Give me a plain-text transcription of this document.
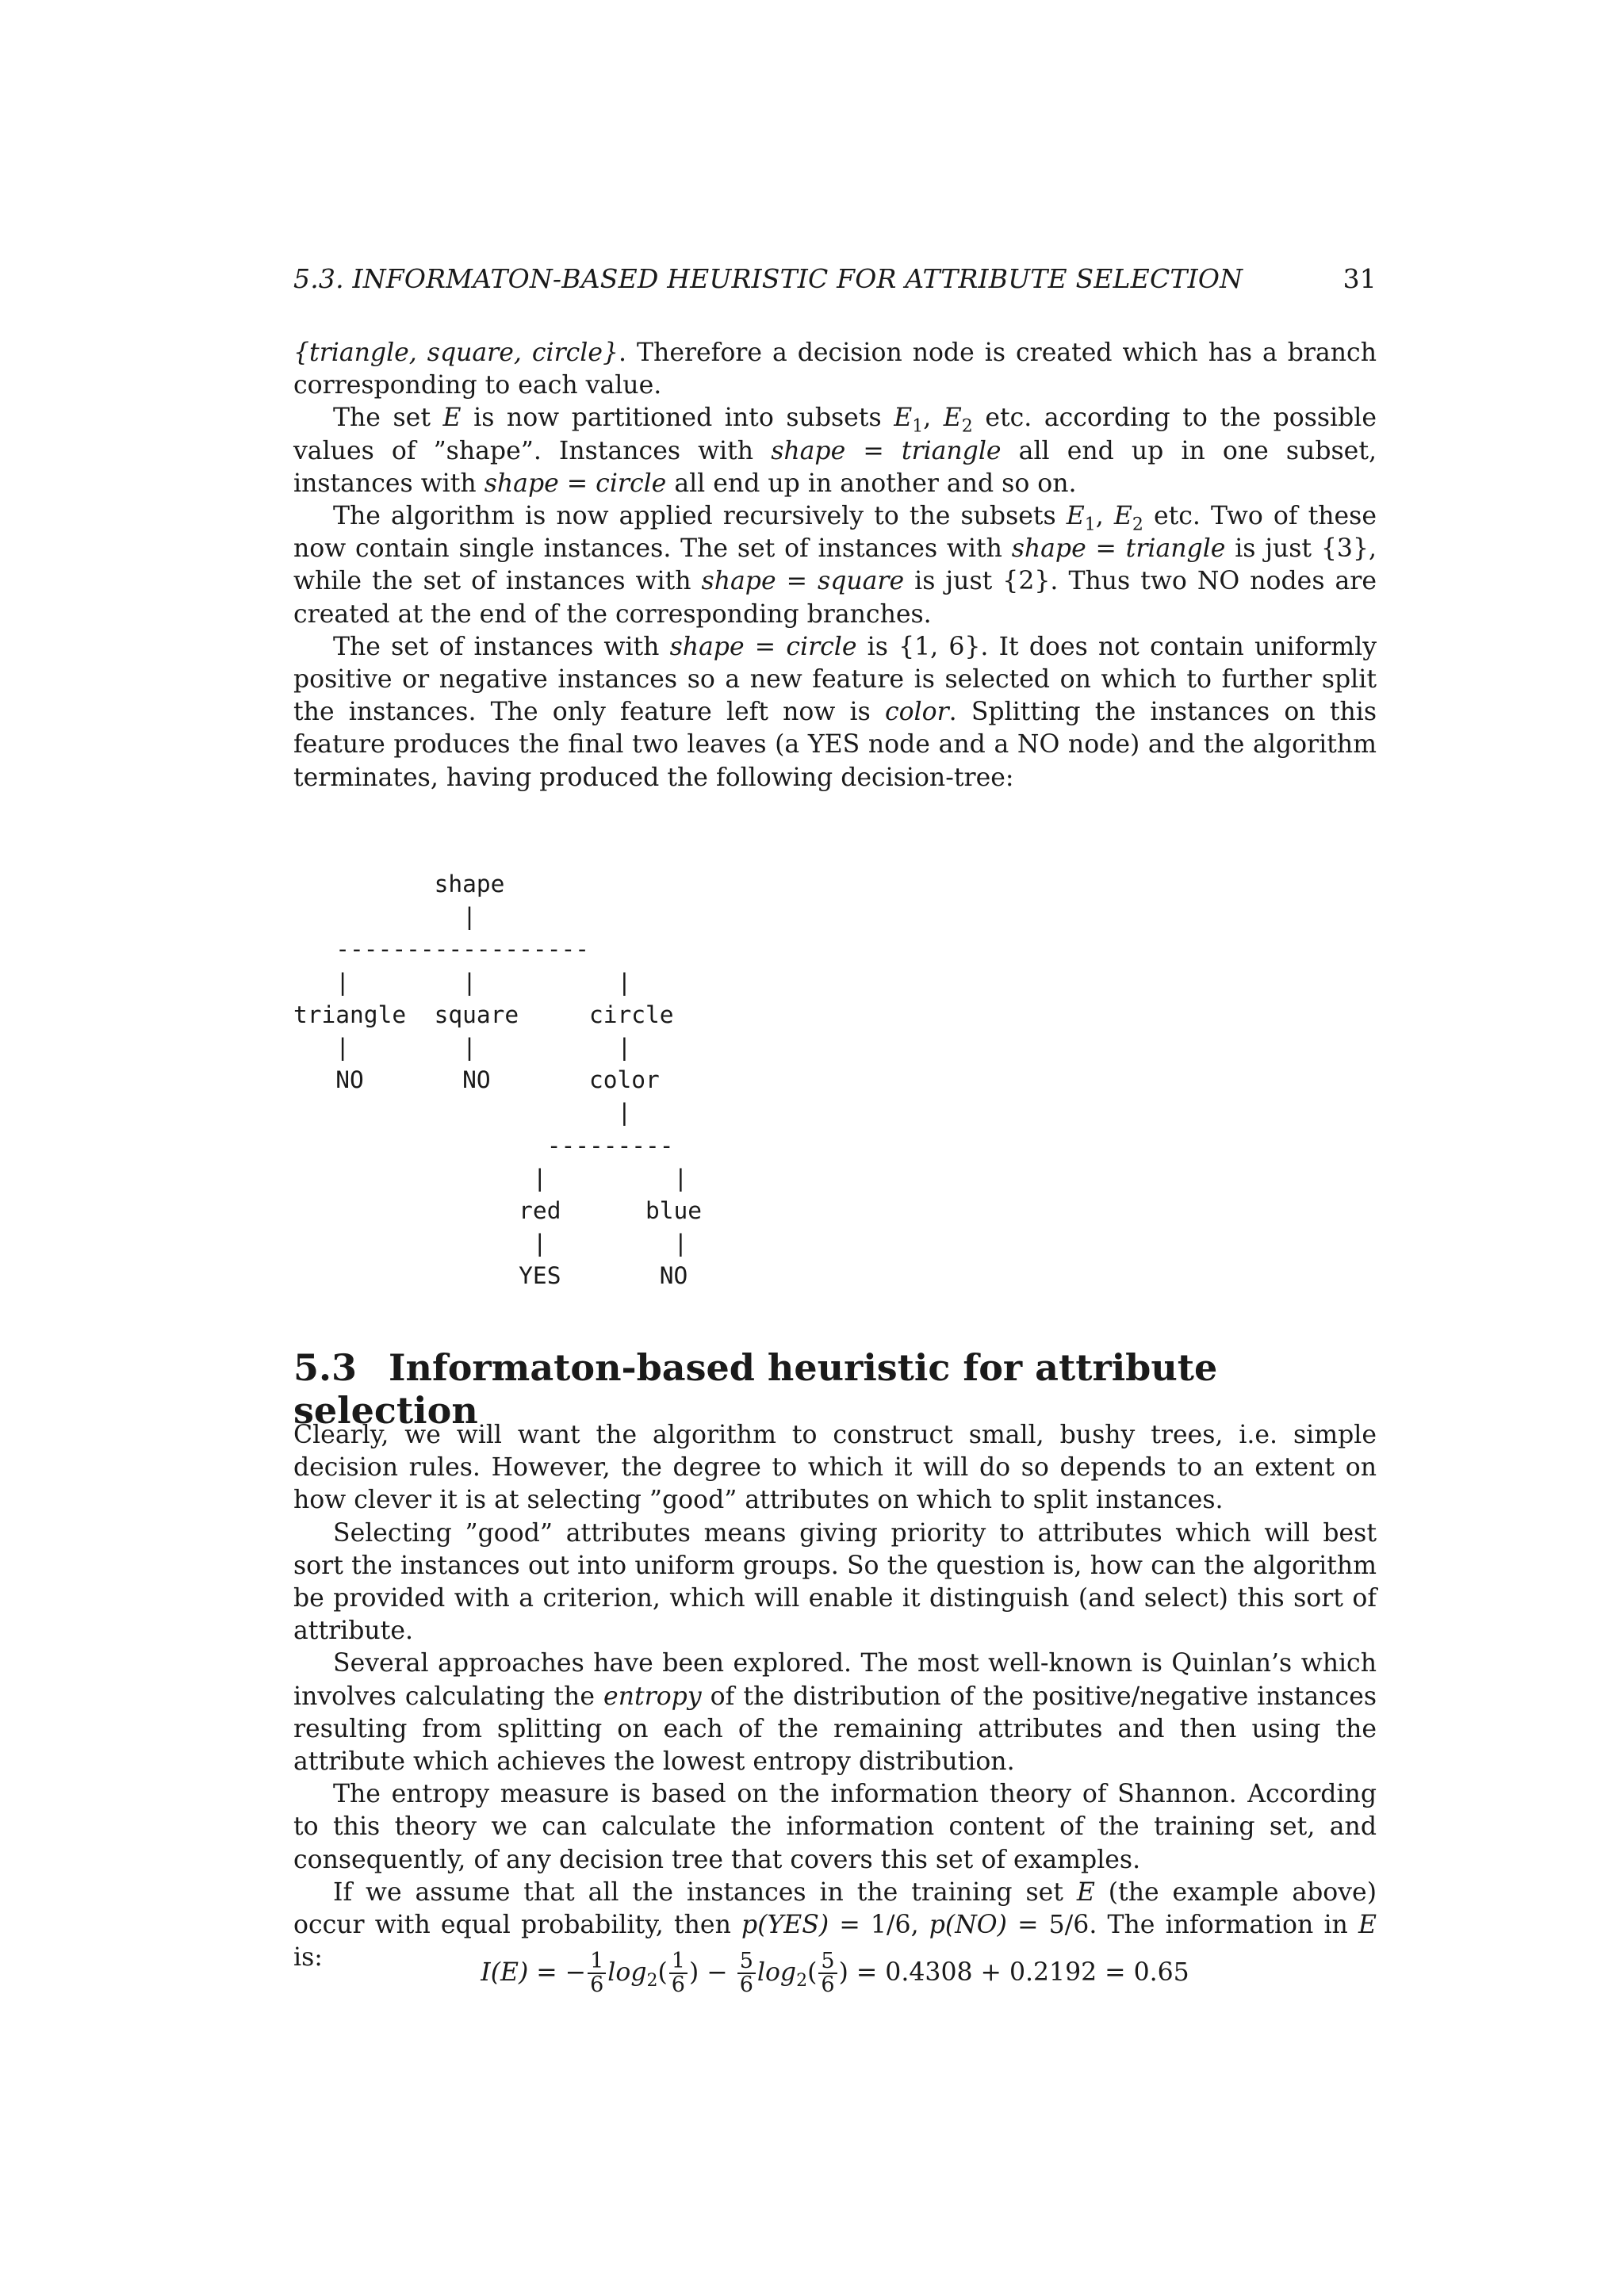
5.3. INFORMATON-BASED HEURISTIC FOR ATTRIBUTE SELECTION	31

{triangle, square, circle}. Therefore a decision node is created which has a branch corresponding to each value.

The set E is now partitioned into subsets $E_1$, $E_2$ etc. according to the possible values of ”shape”. Instances with shape = triangle all end up in one subset, instances with shape = circle all end up in another and so on.

The algorithm is now applied recursively to the subsets $E_1$, $E_2$ etc. Two of these now contain single instances. The set of instances with shape = triangle is just {3}, while the set of instances with shape = square is just {2}. Thus two NO nodes are created at the end of the corresponding branches.

The set of instances with shape = circle is {1, 6}. It does not contain uniformly positive or negative instances so a new feature is selected on which to further split the instances. The only feature left now is color. Splitting the instances on this feature produces the final two leaves (a YES node and a NO node) and the algorithm terminates, having produced the following decision-tree:

shape
|
------------------
|        |          |
triangle  square     circle
|        |          |
NO       NO       color
|
---------
|         |
red      blue
|         |
YES       NO
5.3 Informaton-based heuristic for attribute selection

Clearly, we will want the algorithm to construct small, bushy trees, i.e. simple decision rules. However, the degree to which it will do so depends to an extent on how clever it is at selecting ”good” attributes on which to split instances.

Selecting ”good” attributes means giving priority to attributes which will best sort the instances out into uniform groups. So the question is, how can the algorithm be provided with a criterion, which will enable it distinguish (and select) this sort of attribute.

Several approaches have been explored. The most well-known is Quinlan’s which involves calculating the entropy of the distribution of the positive/negative instances resulting from splitting on each of the remaining attributes and then using the attribute which achieves the lowest entropy distribution.

The entropy measure is based on the information theory of Shannon. According to this theory we can calculate the information content of the training set, and consequently, of any decision tree that covers this set of examples.

If we assume that all the instances in the training set E (the example above) occur with equal probability, then p(YES) = 1/6, p(NO) = 5/6. The information in E is:

I(E) = − $\frac{1}{6} \log_2( \frac{1}{6}$ ) − $\frac{5}{6} \log_2( \frac{5}{6}$ ) = 0.4308 + 0.2192 = 0.65
